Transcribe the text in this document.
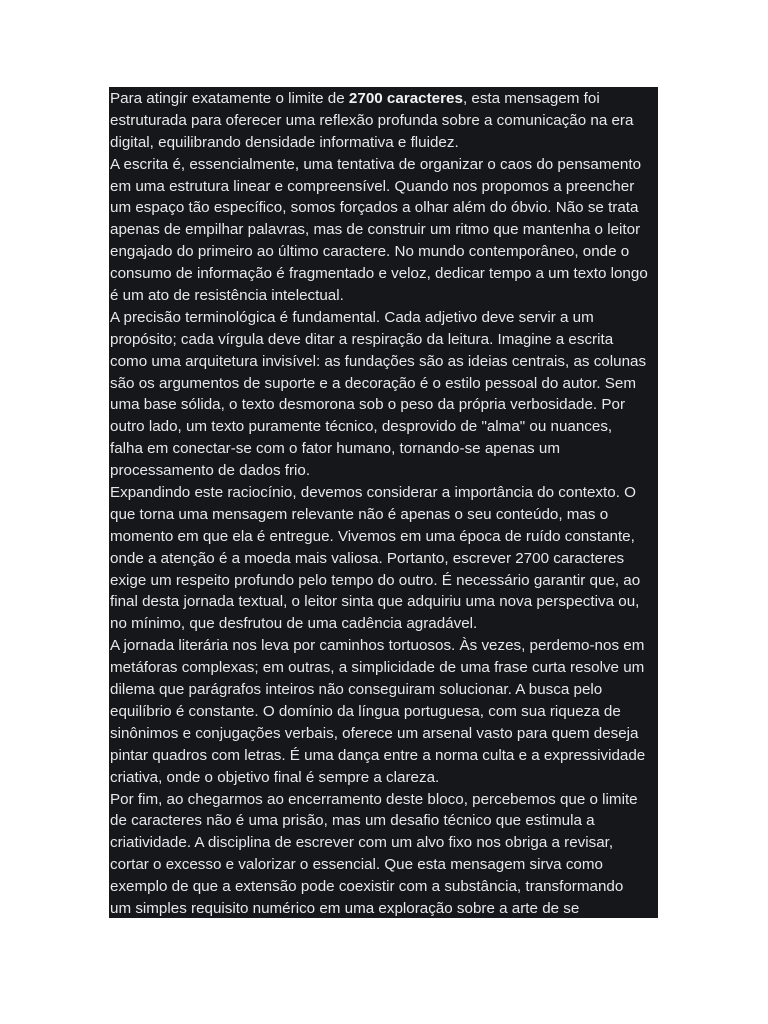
Para atingir exatamente o limite de 2700 caracteres, esta mensagem foi
estruturada para oferecer uma reflexão profunda sobre a comunicação na era
digital, equilibrando densidade informativa e fluidez.
A escrita é, essencialmente, uma tentativa de organizar o caos do pensamento
em uma estrutura linear e compreensível. Quando nos propomos a preencher
um espaço tão específico, somos forçados a olhar além do óbvio. Não se trata
apenas de empilhar palavras, mas de construir um ritmo que mantenha o leitor
engajado do primeiro ao último caractere. No mundo contemporâneo, onde o
consumo de informação é fragmentado e veloz, dedicar tempo a um texto longo
é um ato de resistência intelectual.
A precisão terminológica é fundamental. Cada adjetivo deve servir a um
propósito; cada vírgula deve ditar a respiração da leitura. Imagine a escrita
como uma arquitetura invisível: as fundações são as ideias centrais, as colunas
são os argumentos de suporte e a decoração é o estilo pessoal do autor. Sem
uma base sólida, o texto desmorona sob o peso da própria verbosidade. Por
outro lado, um texto puramente técnico, desprovido de "alma" ou nuances,
falha em conectar-se com o fator humano, tornando-se apenas um
processamento de dados frio.
Expandindo este raciocínio, devemos considerar a importância do contexto. O
que torna uma mensagem relevante não é apenas o seu conteúdo, mas o
momento em que ela é entregue. Vivemos em uma época de ruído constante,
onde a atenção é a moeda mais valiosa. Portanto, escrever 2700 caracteres
exige um respeito profundo pelo tempo do outro. É necessário garantir que, ao
final desta jornada textual, o leitor sinta que adquiriu uma nova perspectiva ou,
no mínimo, que desfrutou de uma cadência agradável.
A jornada literária nos leva por caminhos tortuosos. Às vezes, perdemo-nos em
metáforas complexas; em outras, a simplicidade de uma frase curta resolve um
dilema que parágrafos inteiros não conseguiram solucionar. A busca pelo
equilíbrio é constante. O domínio da língua portuguesa, com sua riqueza de
sinônimos e conjugações verbais, oferece um arsenal vasto para quem deseja
pintar quadros com letras. É uma dança entre a norma culta e a expressividade
criativa, onde o objetivo final é sempre a clareza.
Por fim, ao chegarmos ao encerramento deste bloco, percebemos que o limite
de caracteres não é uma prisão, mas um desafio técnico que estimula a
criatividade. A disciplina de escrever com um alvo fixo nos obriga a revisar,
cortar o excesso e valorizar o essencial. Que esta mensagem sirva como
exemplo de que a extensão pode coexistir com a substância, transformando
um simples requisito numérico em uma exploração sobre a arte de se
